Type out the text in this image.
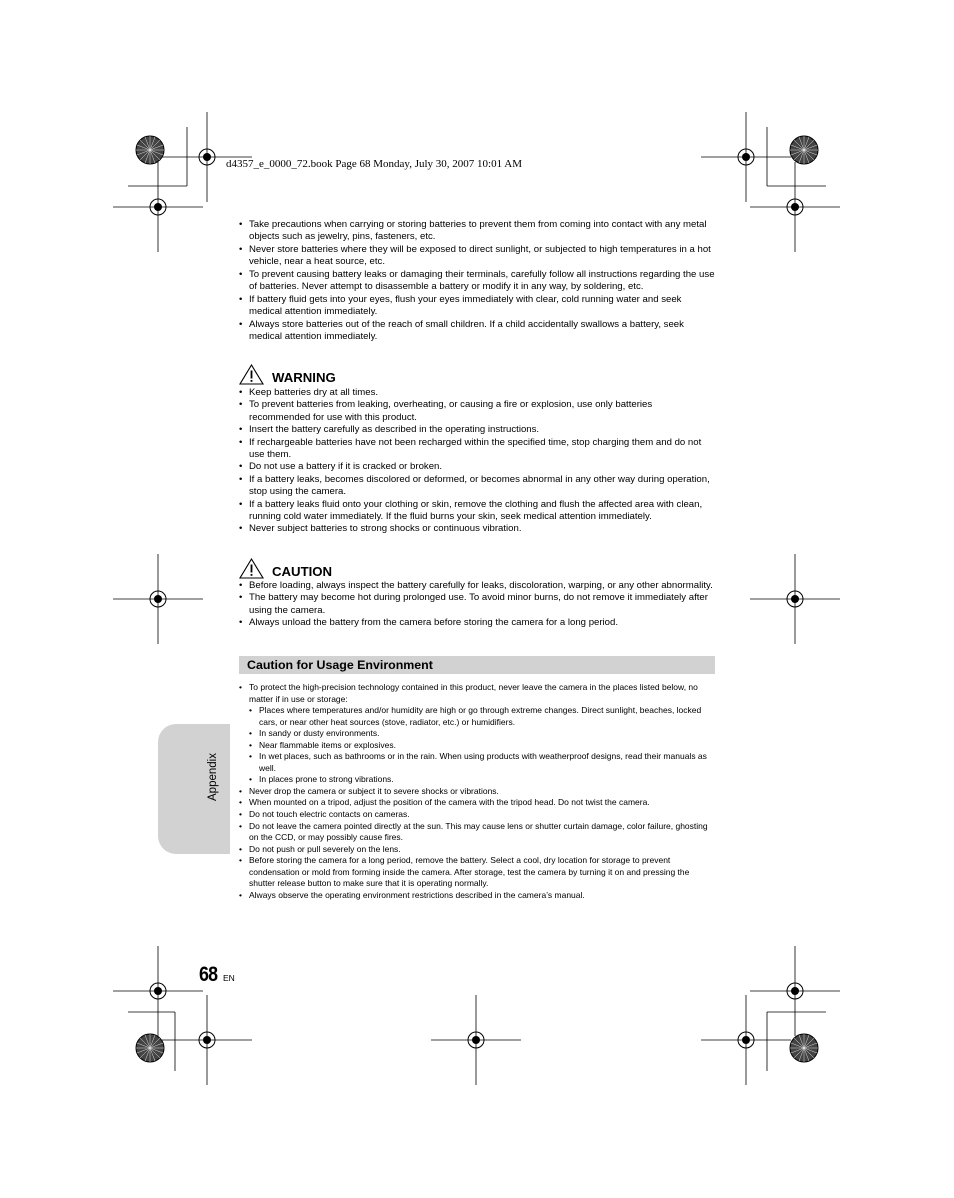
d4357_e_0000_72.book Page 68 Monday, July 30, 2007 10:01 AM
• Take precautions when carrying or storing batteries to prevent them from coming into contact with any metal objects such as jewelry, pins, fasteners, etc.
• Never store batteries where they will be exposed to direct sunlight, or subjected to high temperatures in a hot vehicle, near a heat source, etc.
• To prevent causing battery leaks or damaging their terminals, carefully follow all instructions regarding the use of batteries. Never attempt to disassemble a battery or modify it in any way, by soldering, etc.
• If battery fluid gets into your eyes, flush your eyes immediately with clear, cold running water and seek medical attention immediately.
• Always store batteries out of the reach of small children. If a child accidentally swallows a battery, seek medical attention immediately.
WARNING
• Keep batteries dry at all times.
• To prevent batteries from leaking, overheating, or causing a fire or explosion, use only batteries recommended for use with this product.
• Insert the battery carefully as described in the operating instructions.
• If rechargeable batteries have not been recharged within the specified time, stop charging them and do not use them.
• Do not use a battery if it is cracked or broken.
• If a battery leaks, becomes discolored or deformed, or becomes abnormal in any other way during operation, stop using the camera.
• If a battery leaks fluid onto your clothing or skin, remove the clothing and flush the affected area with clean, running cold water immediately. If the fluid burns your skin, seek medical attention immediately.
• Never subject batteries to strong shocks or continuous vibration.
CAUTION
• Before loading, always inspect the battery carefully for leaks, discoloration, warping, or any other abnormality.
• The battery may become hot during prolonged use. To avoid minor burns, do not remove it immediately after using the camera.
• Always unload the battery from the camera before storing the camera for a long period.
Caution for Usage Environment
• To protect the high-precision technology contained in this product, never leave the camera in the places listed below, no matter if in use or storage:
• Places where temperatures and/or humidity are high or go through extreme changes. Direct sunlight, beaches, locked cars, or near other heat sources (stove, radiator, etc.) or humidifiers.
• In sandy or dusty environments.
• Near flammable items or explosives.
• In wet places, such as bathrooms or in the rain. When using products with weatherproof designs, read their manuals as well.
• In places prone to strong vibrations.
• Never drop the camera or subject it to severe shocks or vibrations.
• When mounted on a tripod, adjust the position of the camera with the tripod head. Do not twist the camera.
• Do not touch electric contacts on cameras.
• Do not leave the camera pointed directly at the sun. This may cause lens or shutter curtain damage, color failure, ghosting on the CCD, or may possibly cause fires.
• Do not push or pull severely on the lens.
• Before storing the camera for a long period, remove the battery. Select a cool, dry location for storage to prevent condensation or mold from forming inside the camera. After storage, test the camera by turning it on and pressing the shutter release button to make sure that it is operating normally.
• Always observe the operating environment restrictions described in the camera’s manual.
Appendix
68 EN
